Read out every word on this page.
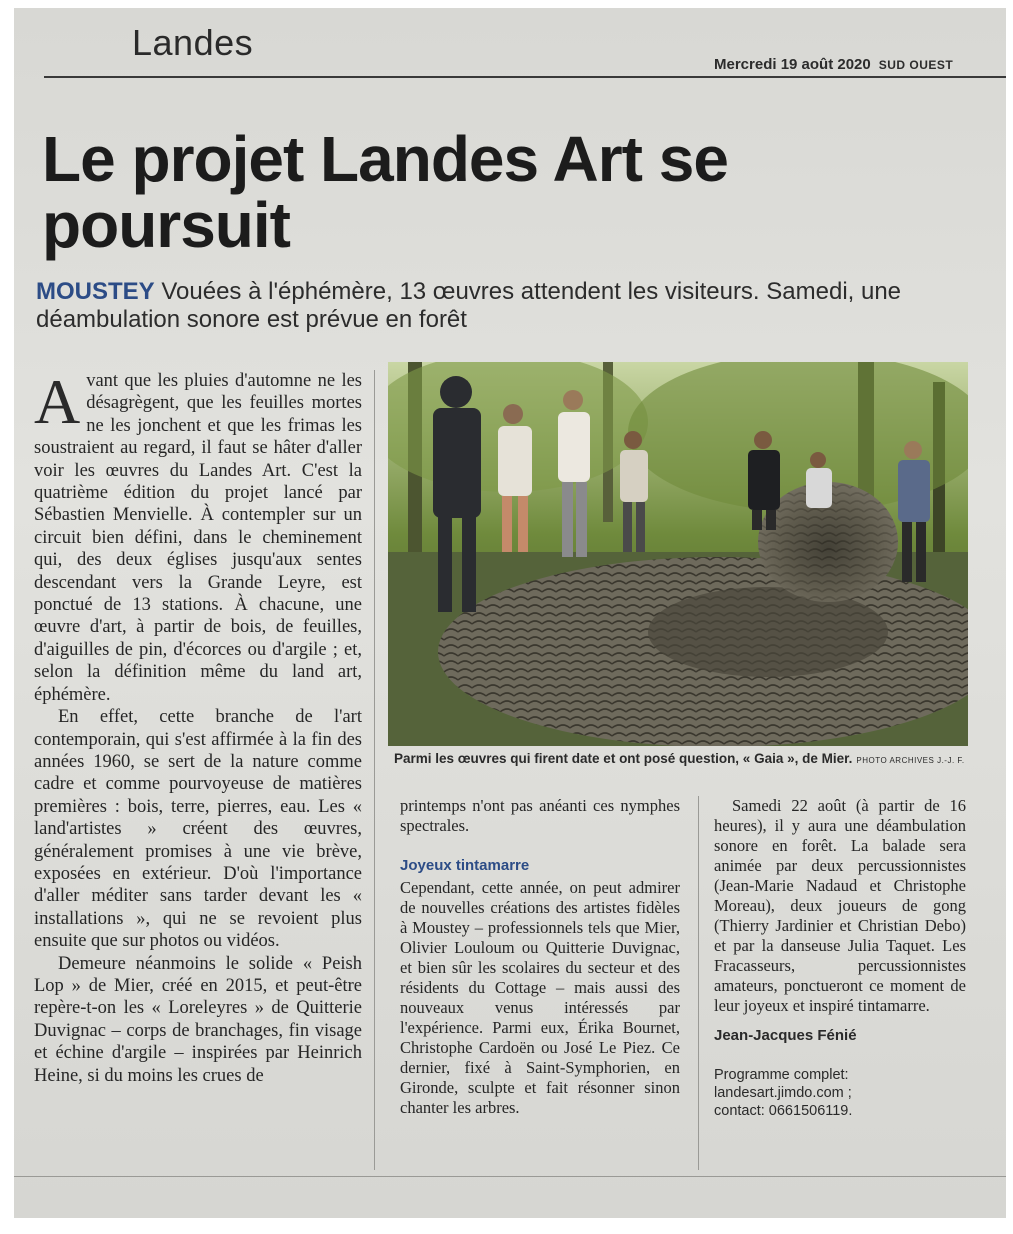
Landes
Mercredi 19 août 2020 SUD OUEST
Le projet Landes Art se poursuit
MOUSTEY Vouées à l'éphémère, 13 œuvres attendent les visiteurs. Samedi, une déambulation sonore est prévue en forêt

Avant que les pluies d'automne ne les désagrègent, que les feuilles mortes ne les jonchent et que les frimas les soustraient au regard, il faut se hâter d'aller voir les œuvres du Landes Art. C'est la quatrième édition du projet lancé par Sébastien Menvielle. À contempler sur un circuit bien défini, dans le cheminement qui, des deux églises jusqu'aux sentes descendant vers la Grande Leyre, est ponctué de 13 stations. À chacune, une œuvre d'art, à partir de bois, de feuilles, d'aiguilles de pin, d'écorces ou d'argile ; et, selon la définition même du land art, éphémère.

En effet, cette branche de l'art contemporain, qui s'est affirmée à la fin des années 1960, se sert de la nature comme cadre et comme pourvoyeuse de matières premières : bois, terre, pierres, eau. Les « land'artistes » créent des œuvres, généralement promises à une vie brève, exposées en extérieur. D'où l'importance d'aller méditer sans tarder devant les « installations », qui ne se revoient plus ensuite que sur photos ou vidéos.

Demeure néanmoins le solide « Peish Lop » de Mier, créé en 2015, et peut-être repère-t-on les « Loreleyres » de Quitterie Duvignac – corps de branchages, fin visage et échine d'argile – inspirées par Heinrich Heine, si du moins les crues de

Parmi les œuvres qui firent date et ont posé question, « Gaia », de Mier. PHOTO ARCHIVES J.-J. F.

printemps n'ont pas anéanti ces nymphes spectrales.

Joyeux tintamarre

Cependant, cette année, on peut admirer de nouvelles créations des artistes fidèles à Moustey – professionnels tels que Mier, Olivier Louloum ou Quitterie Duvignac, et bien sûr les scolaires du secteur et des résidents du Cottage – mais aussi des nouveaux venus intéressés par l'expérience. Parmi eux, Érika Bournet, Christophe Cardoën ou José Le Piez. Ce dernier, fixé à Saint-Symphorien, en Gironde, sculpte et fait résonner sinon chanter les arbres.

Samedi 22 août (à partir de 16 heures), il y aura une déambulation sonore en forêt. La balade sera animée par deux percussionnistes (Jean-Marie Nadaud et Christophe Moreau), deux joueurs de gong (Thierry Jardinier et Christian Debo) et par la danseuse Julia Taquet. Les Fracasseurs, percussionnistes amateurs, ponctueront ce moment de leur joyeux et inspiré tintamarre.

Jean-Jacques Fénié
Programme complet:
landesart.jimdo.com ;
contact: 0661506119.
